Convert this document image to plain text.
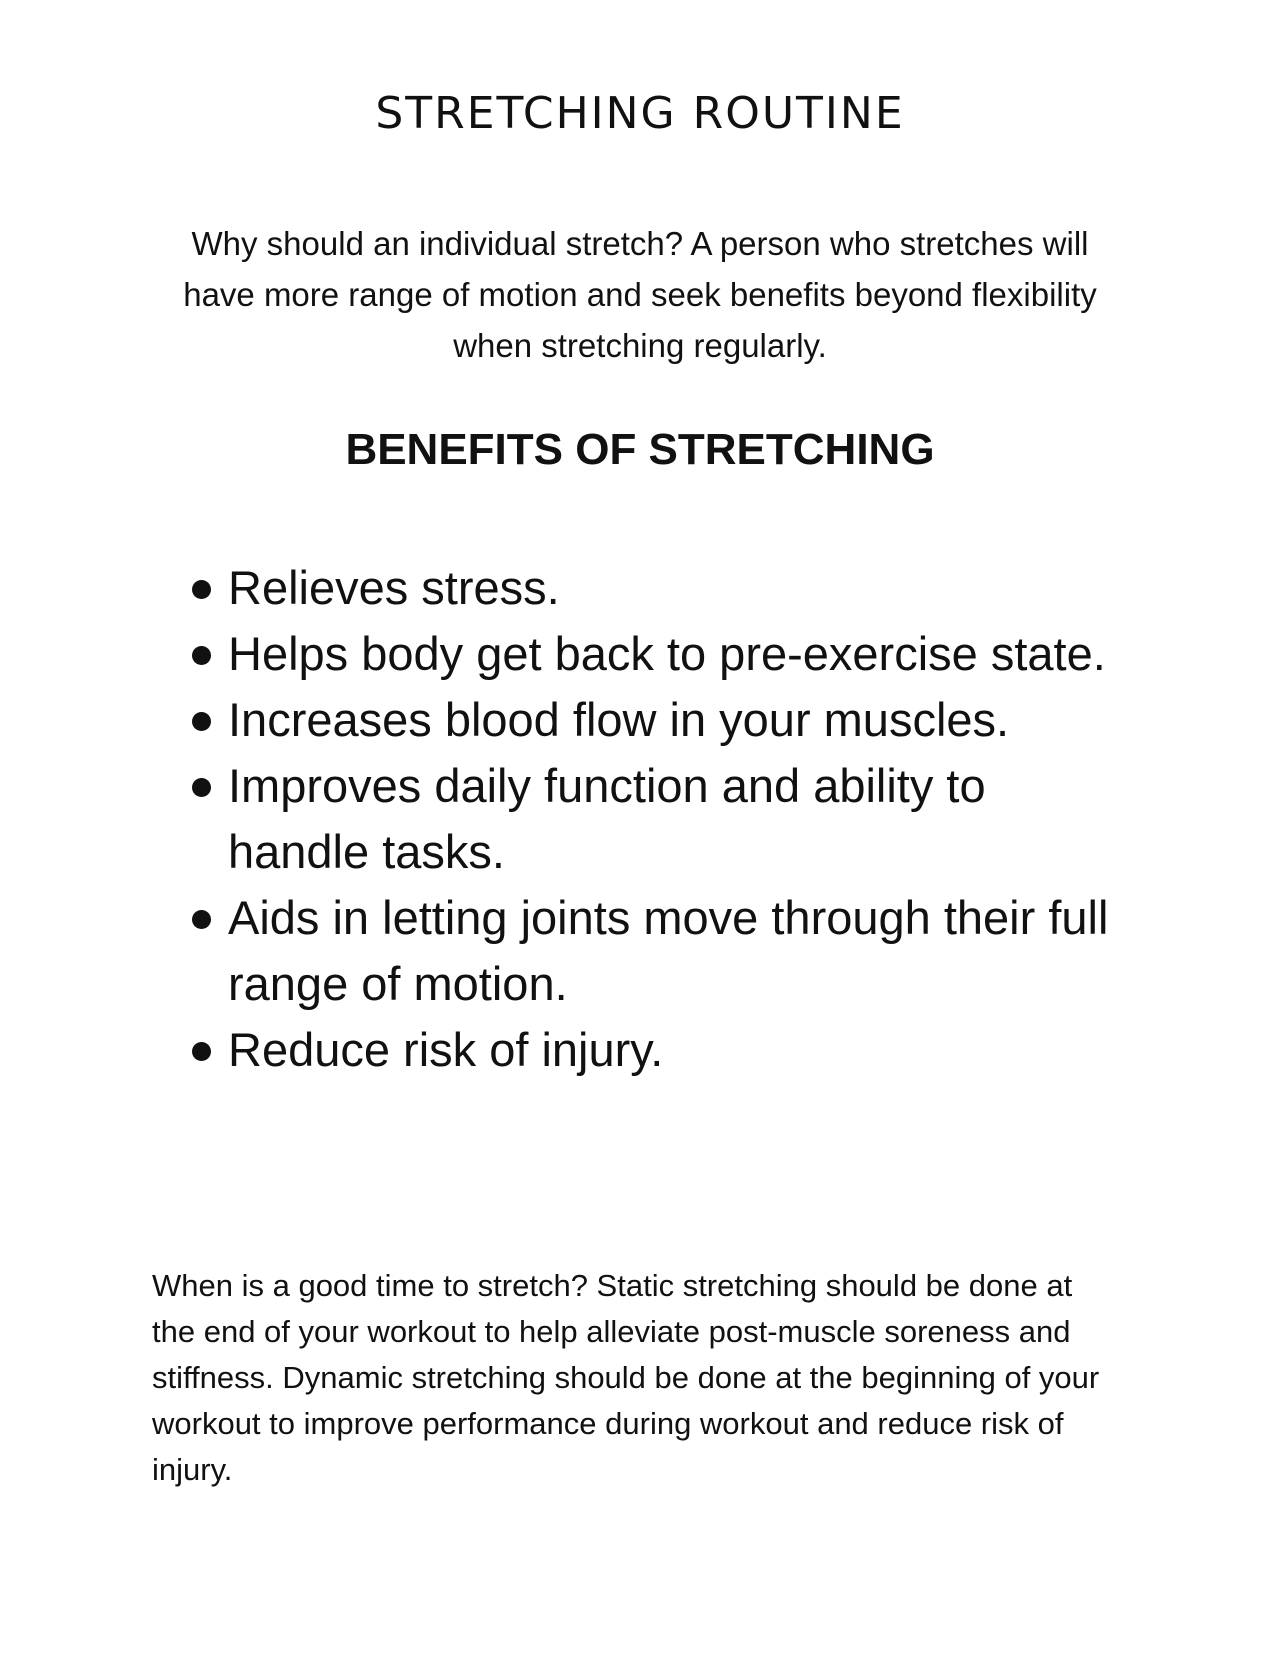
STRETCHING ROUTINE

Why should an individual stretch? A person who stretches will have more range of motion and seek benefits beyond flexibility when stretching regularly.

BENEFITS OF STRETCHING
Relieves stress.
Helps body get back to pre-exercise state.
Increases blood flow in your muscles.
Improves daily function and ability to handle tasks.
Aids in letting joints move through their full range of motion.
Reduce risk of injury.

When is a good time to stretch? Static stretching should be done at the end of your workout to help alleviate post-muscle soreness and stiffness. Dynamic stretching should be done at the beginning of your workout to improve performance during workout and reduce risk of injury.
